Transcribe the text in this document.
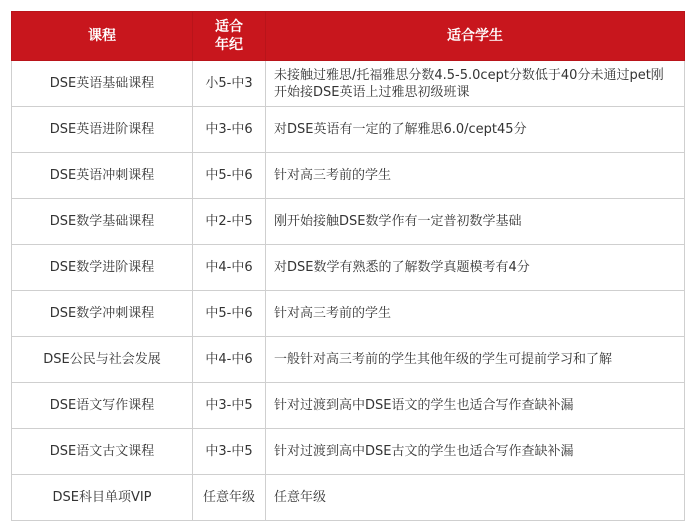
课程	适合年纪	适合学生
DSE英语基础课程	小5-中3	未接触过雅思/托福雅思分数4.5-5.0cept分数低于40分未通过pet刚开始接DSE英语上过雅思初级班课
DSE英语进阶课程	中3-中6	对DSE英语有一定的了解雅思6.0/cept45分
DSE英语冲刺课程	中5-中6	针对高三考前的学生
DSE数学基础课程	中2-中5	刚开始接触DSE数学作有一定普初数学基础
DSE数学进阶课程	中4-中6	对DSE数学有熟悉的了解数学真题模考有4分
DSE数学冲刺课程	中5-中6	针对高三考前的学生
DSE公民与社会发展	中4-中6	一般针对高三考前的学生其他年级的学生可提前学习和了解
DSE语文写作课程	中3-中5	针对过渡到高中DSE语文的学生也适合写作查缺补漏
DSE语文古文课程	中3-中5	针对过渡到高中DSE古文的学生也适合写作查缺补漏
DSE科目单项VIP	任意年级	任意年级
